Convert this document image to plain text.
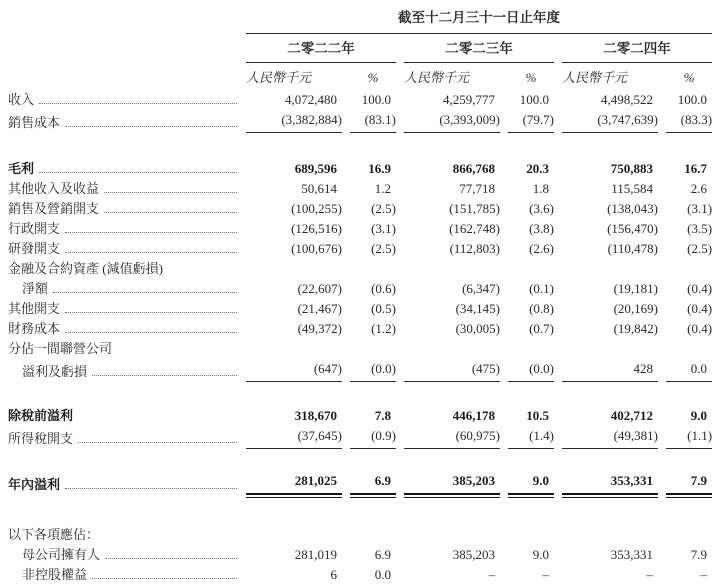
	截至十二月三十一日止年度					
	二零二二年		二零二三年		二零二四年	
	人民幣千元	%	人民幣千元	%	人民幣千元	%

收入	4,072,480	100.0	4,259,777	100.0	4,498,522	100.0

銷售成本	(3,382,884)	(83.1)	(3,393,009)	(79.7)	(3,747,639)	(83.3)

毛利	689,596	16.9	866,768	20.3	750,883	16.7

其他收入及收益	50,614	1.2	77,718	1.8	115,584	2.6

銷售及營銷開支	(100,255)	(2.5)	(151,785)	(3.6)	(138,043)	(3.1)

行政開支	(126,516)	(3.1)	(162,748)	(3.8)	(156,470)	(3.5)

研發開支	(100,676)	(2.5)	(112,803)	(2.6)	(110,478)	(2.5)

金融及合約資產 (減值虧損)						

淨額	(22,607)	(0.6)	(6,347)	(0.1)	(19,181)	(0.4)

其他開支	(21,467)	(0.5)	(34,145)	(0.8)	(20,169)	(0.4)

財務成本	(49,372)	(1.2)	(30,005)	(0.7)	(19,842)	(0.4)

分佔一間聯營公司						

溢利及虧損	(647)	(0.0)	(475)	(0.0)	428	0.0

除稅前溢利	318,670	7.8	446,178	10.5	402,712	9.0

所得稅開支	(37,645)	(0.9)	(60,975)	(1.4)	(49,381)	(1.1)

年內溢利	281,025	6.9	385,203	9.0	353,331	7.9

以下各項應佔：						

母公司擁有人	281,019	6.9	385,203	9.0	353,331	7.9

非控股權益	6	0.0	–	–	–	–
